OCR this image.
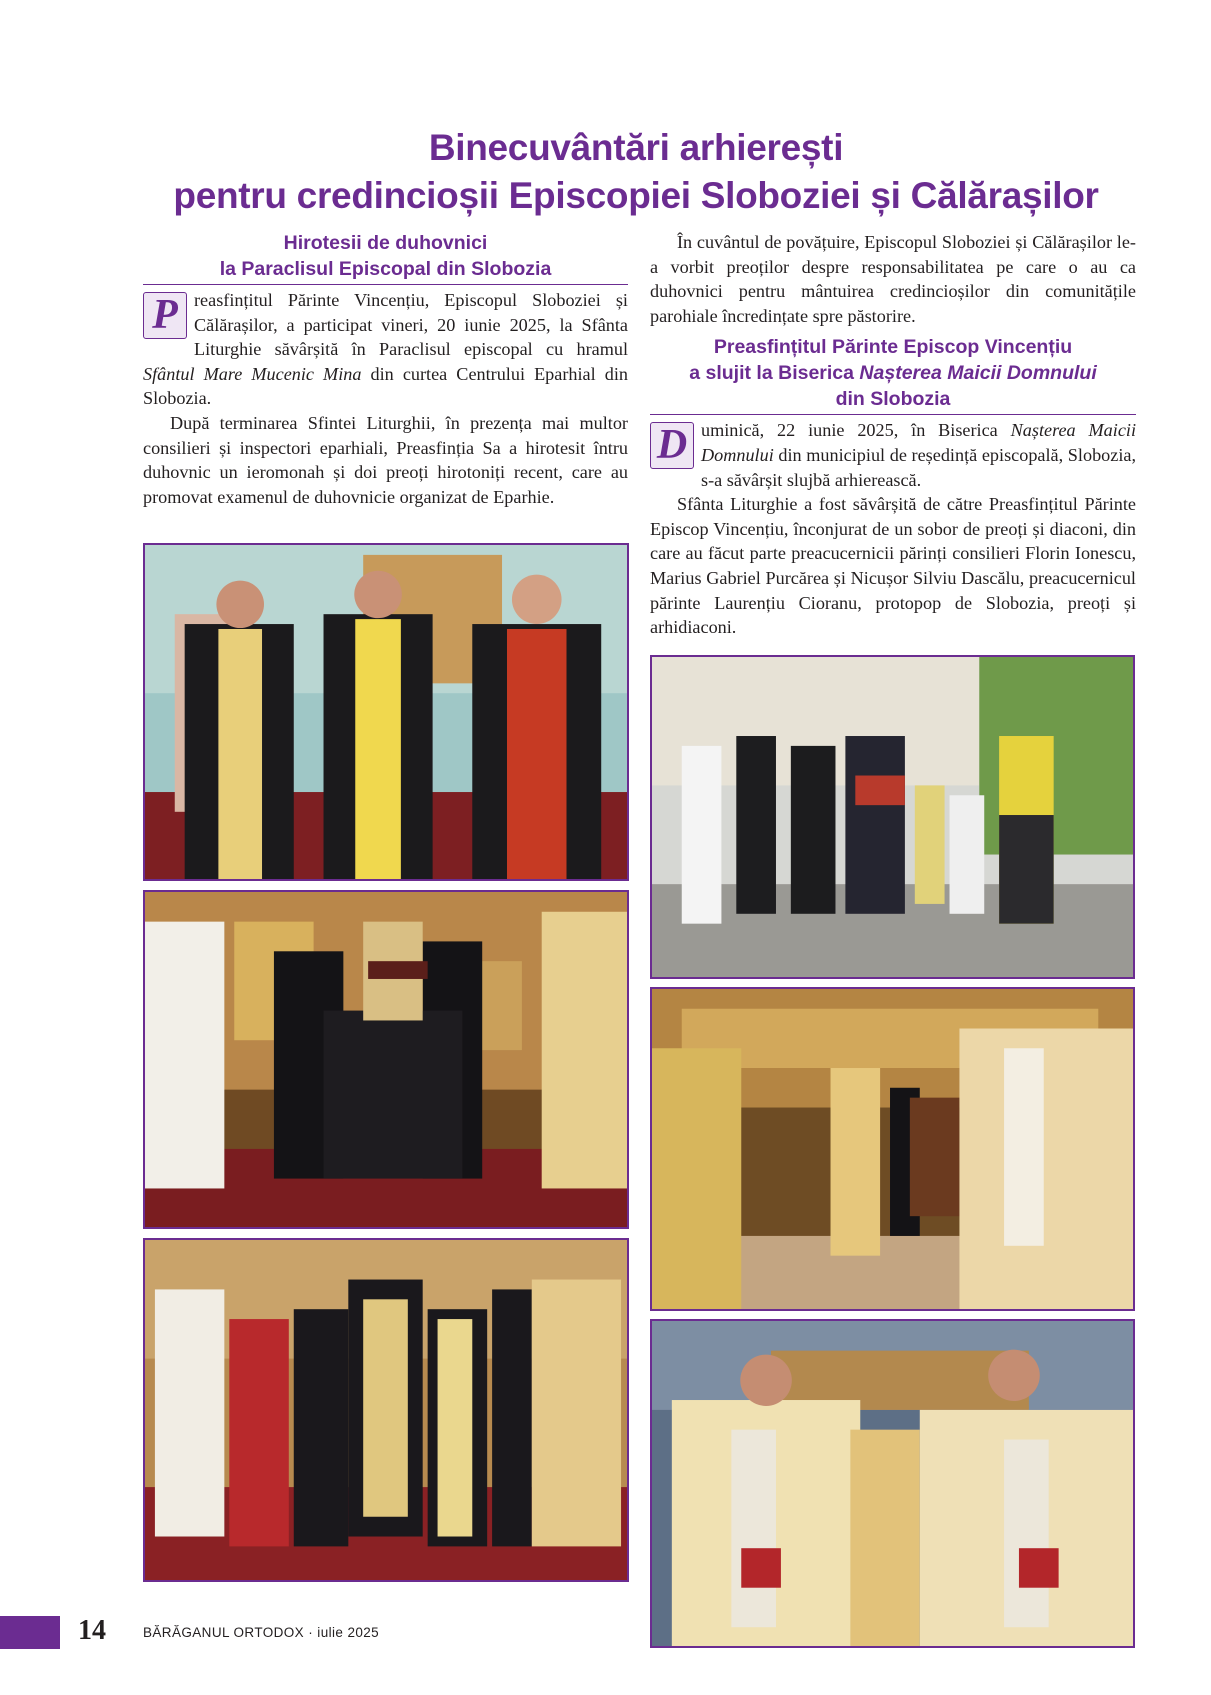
Binecuvântări arhierești
pentru credincioșii Episcopiei Sloboziei și Călărașilor
Hirotesii de duhovnici
la Paraclisul Episcopal din Slobozia

P reasfințitul Părinte Vincențiu, Episcopul Sloboziei și Călărașilor, a participat vineri, 20 iunie 2025, la Sfânta Liturghie săvârșită în Paraclisul episcopal cu hramul Sfântul Mare Mucenic Mina din curtea Centrului Eparhial din Slobozia.

După terminarea Sfintei Liturghii, în prezența mai multor consilieri și inspectori eparhiali, Preasfinția Sa a hirotesit întru duhovnic un ieromonah și doi preoți hirotoniți recent, care au promovat examenul de duhovnicie organizat de Eparhie.

În cuvântul de povățuire, Episcopul Sloboziei și Călărașilor le-a vorbit preoților despre responsabilitatea pe care o au ca duhovnici pentru mântuirea credincioșilor din comunitățile parohiale încredințate spre păstorire.

Preasfințitul Părinte Episcop Vincențiu
a slujit la Biserica Nașterea Maicii Domnului
din Slobozia

D uminică, 22 iunie 2025, în Biserica Nașterea Maicii Domnului din municipiul de reședință episcopală, Slobozia, s-a săvârșit slujbă arhierească.

Sfânta Liturghie a fost săvârșită de către Preasfințitul Părinte Episcop Vincențiu, înconjurat de un sobor de preoți și diaconi, din care au făcut parte preacucernicii părinți consilieri Florin Ionescu, Marius Gabriel Purcărea și Nicușor Silviu Dascălu, preacucernicul părinte Laurențiu Cioranu, protopop de Slobozia, preoți și arhidiaconi.

14	BĂRĂGANUL ORTODOX · iulie 2025
